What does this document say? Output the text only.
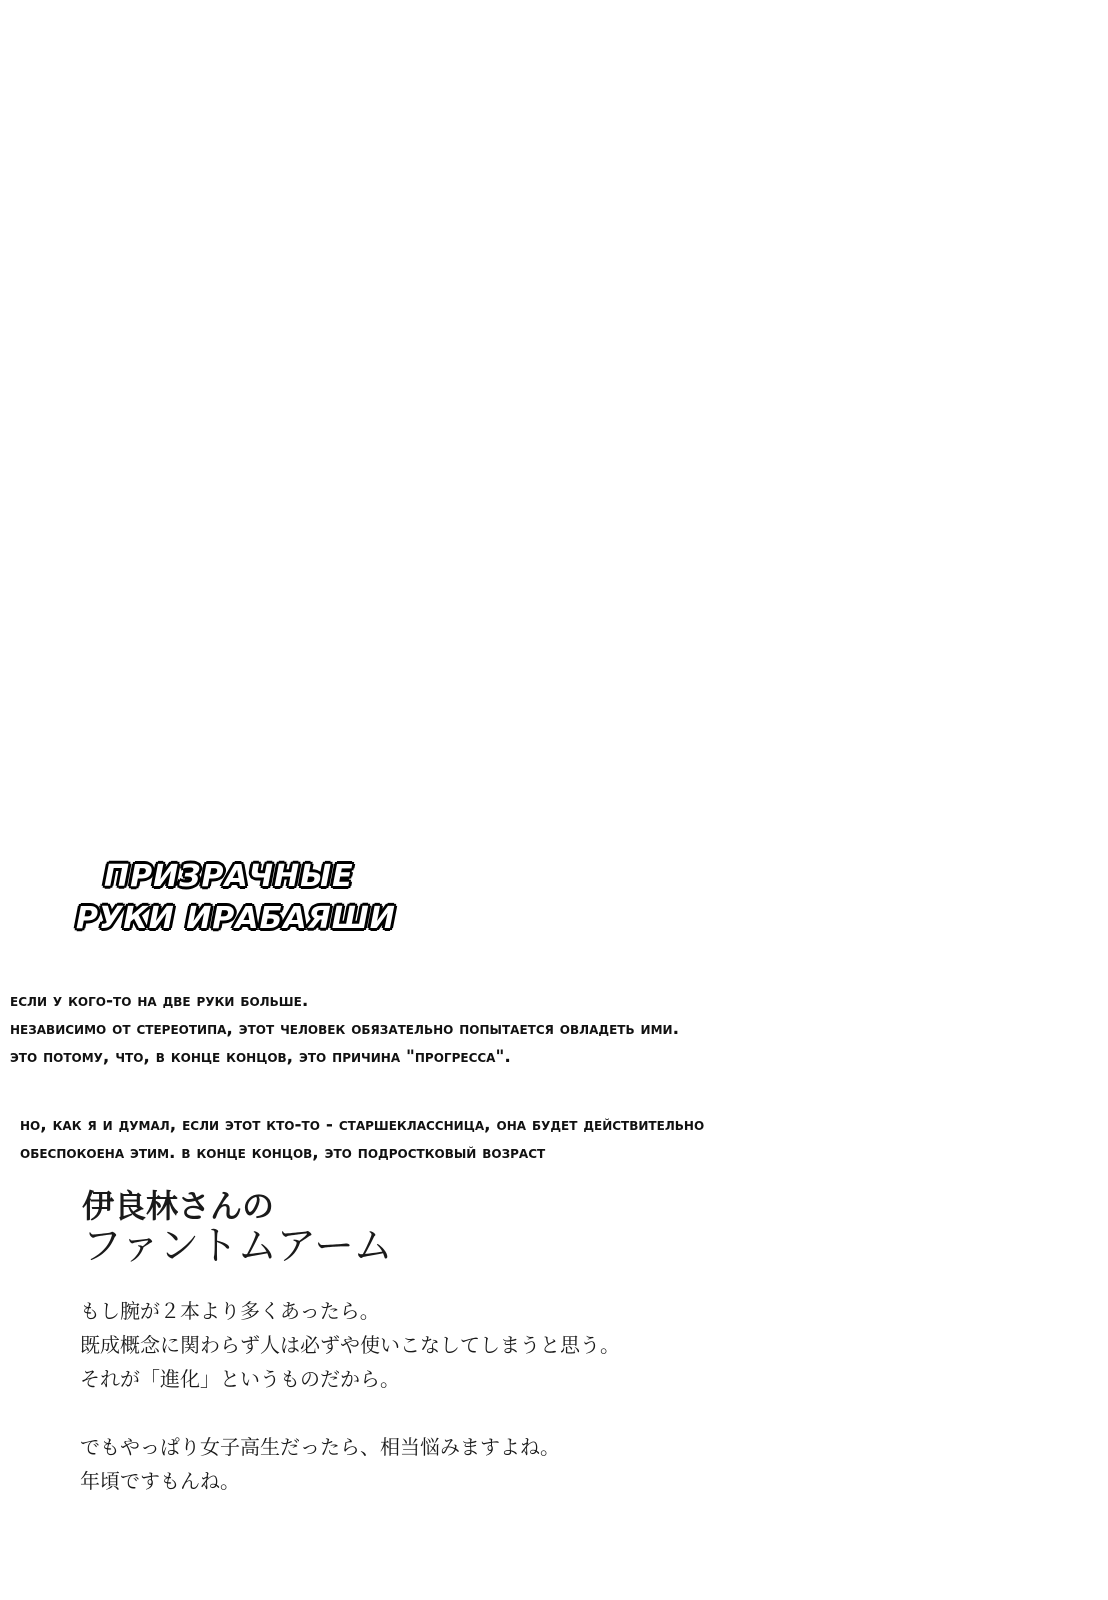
ПРИЗРАЧНЫЕ
РУКИ ИРАБАЯШИ
если у кого-то на две руки больше.
независимо от стереотипа, этот человек обязательно попытается овладеть ими.
это потому, что, в конце концов, это причина "прогресса".
но, как я и думал, если этот кто-то - старшеклассница, она будет действительно
обеспокоена этим. в конце концов, это подростковый возраст
伊良林さんの
ファントムアーム
もし腕が２本より多くあったら。
既成概念に関わらず人は必ずや使いこなしてしまうと思う。
それが「進化」というものだから。
でもやっぱり女子高生だったら、相当悩みますよね。
年頃ですもんね。
